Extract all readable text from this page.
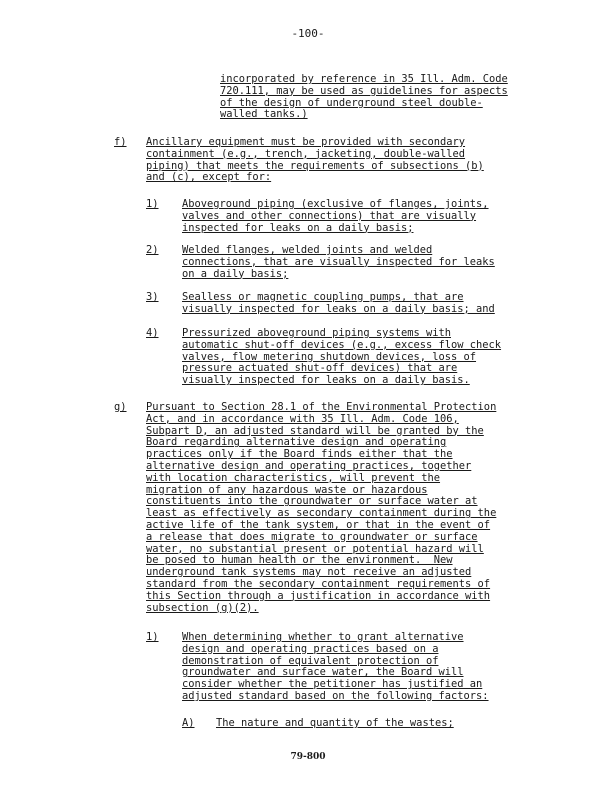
-100-
incorporated by reference in 35 Ill. Adm. Code
720.111, may be used as guidelines for aspects
of the design of underground steel double-
walled tanks.)
f) Ancillary equipment must be provided with secondary
containment (e.g., trench, jacketing, double-walled
piping) that meets the requirements of subsections (b)
and (c), except for:
1) Aboveground piping (exclusive of flanges, joints,
valves and other connections) that are visually
inspected for leaks on a daily basis;
2) Welded flanges, welded joints and welded
connections, that are visually inspected for leaks
on a daily basis;
3) Sealless or magnetic coupling pumps, that are
visually inspected for leaks on a daily basis; and
4) Pressurized aboveground piping systems with
automatic shut-off devices (e.g., excess flow check
valves, flow metering shutdown devices, loss of
pressure actuated shut-off devices) that are
visually inspected for leaks on a daily basis.
g) Pursuant to Section 28.1 of the Environmental Protection
Act, and in accordance with 35 Ill. Adm. Code 106,
Subpart D, an adjusted standard will be granted by the
Board regarding alternative design and operating
practices only if the Board finds either that the
alternative design and operating practices, together
with location characteristics, will prevent the
migration of any hazardous waste or hazardous
constituents into the groundwater or surface water at
least as effectively as secondary containment during the
active life of the tank system, or that in the event of
a release that does migrate to groundwater or surface
water, no substantial present or potential hazard will
be posed to human health or the environment.  New
underground tank systems may not receive an adjusted
standard from the secondary containment requirements of
this Section through a justification in accordance with
subsection (g)(2).
1) When determining whether to grant alternative
design and operating practices based on a
demonstration of equivalent protection of
groundwater and surface water, the Board will
consider whether the petitioner has justified an
adjusted standard based on the following factors:
A) The nature and quantity of the wastes;
79-800
